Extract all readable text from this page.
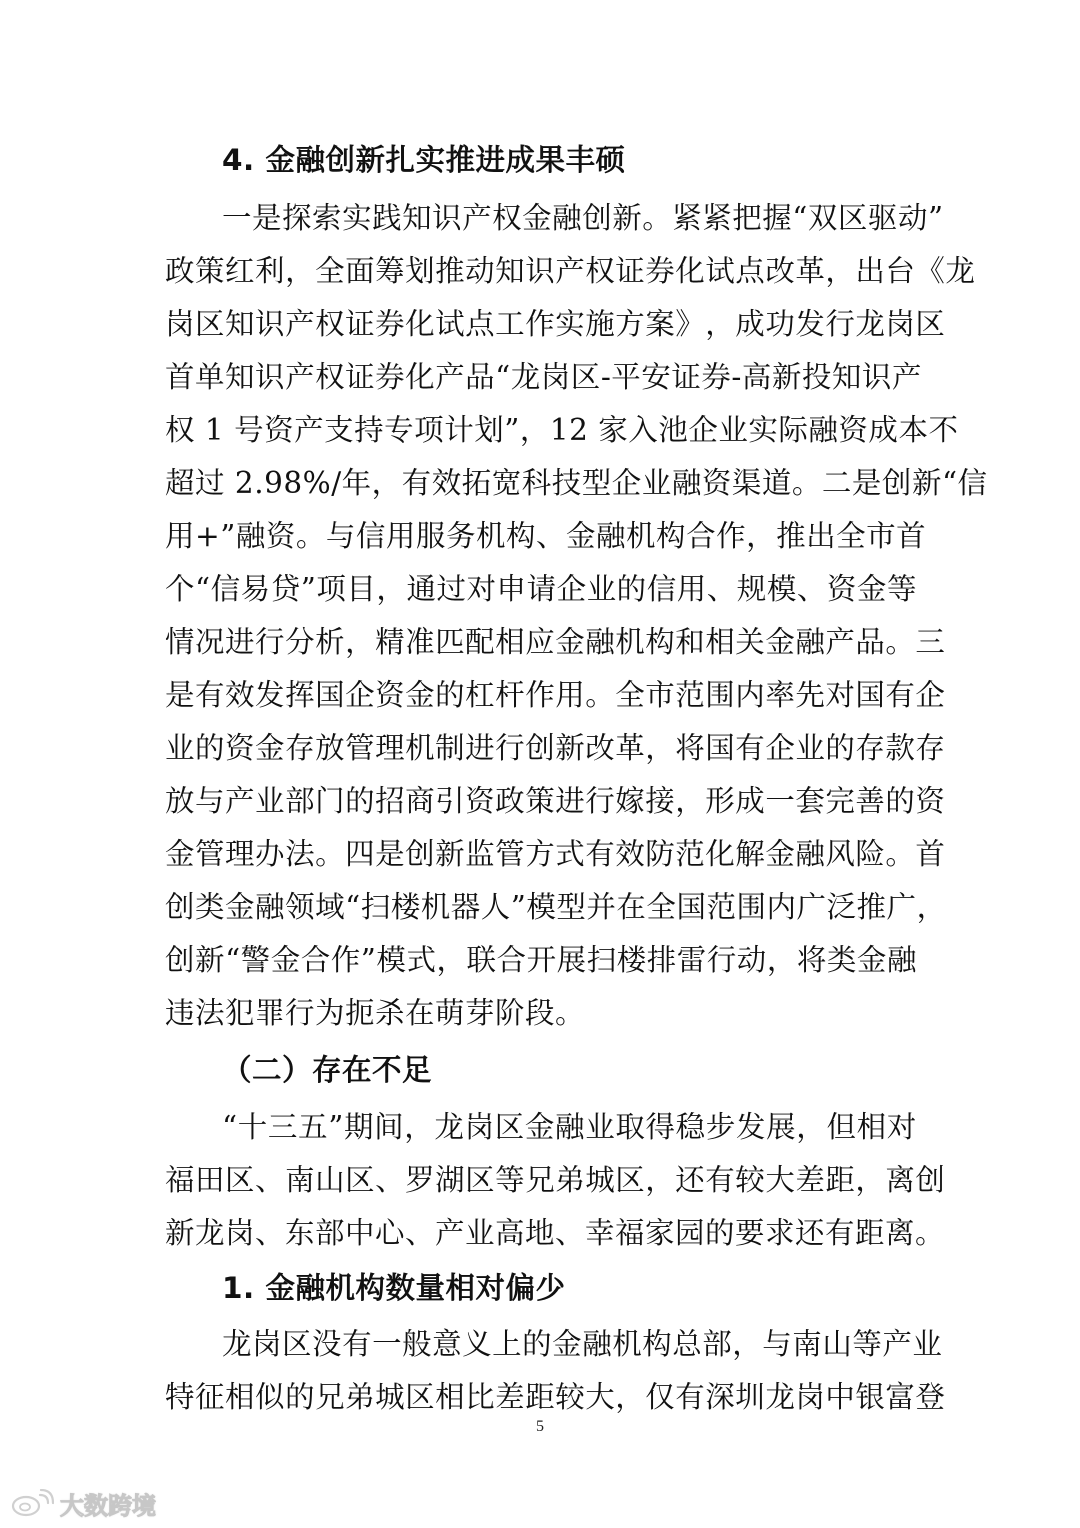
4. 金融创新扎实推进成果丰硕
一 是 探 索 实 践 知 识 产 权 金 融 创 新 。 紧 紧 把 握 “ 双 区 驱 动 ”
政 策 红 利 ， 全 面 筹 划 推 动 知 识 产 权 证 券 化 试 点 改 革 ， 出 台 《 龙
岗 区 知 识 产 权 证 券 化 试 点 工 作 实 施 方 案 》 ， 成 功 发 行 龙 岗 区
首 单 知 识 产 权 证 券 化 产 品 “ 龙 岗 区 - 平 安 证 券 - 高 新 投 知 识 产
权
1
号 资 产 支 持 专 项 计 划 ” ， 1 2
家 入 池 企 业 实 际 融 资 成 本 不
超 过
2 . 9 8 % / 年 ， 有 效 拓 宽 科 技 型 企 业 融 资 渠 道 。 二 是 创 新 “ 信
用 + ” 融 资 。 与 信 用 服 务 机 构 、 金 融 机 构 合 作 ， 推 出 全 市 首
个 “ 信 易 贷 ” 项 目 ， 通 过 对 申 请 企 业 的 信 用 、 规 模 、 资 金 等
情 况 进 行 分 析 ， 精 准 匹 配 相 应 金 融 机 构 和 相 关 金 融 产 品 。 三
是 有 效 发 挥 国 企 资 金 的 杠 杆 作 用 。 全 市 范 围 内 率 先 对 国 有 企
业 的 资 金 存 放 管 理 机 制 进 行 创 新 改 革 ， 将 国 有 企 业 的 存 款 存
放 与 产 业 部 门 的 招 商 引 资 政 策 进 行 嫁 接 ， 形 成 一 套 完 善 的 资
金 管 理 办 法 。 四 是 创 新 监 管 方 式 有 效 防 范 化 解 金 融 风 险 。 首
创 类 金 融 领 域 “ 扫 楼 机 器 人 ” 模 型 并 在 全 国 范 围 内 广 泛 推 广 ，
创 新 “ 警 金 合 作 ” 模 式 ， 联 合 开 展 扫 楼 排 雷 行 动 ， 将 类 金 融
违法犯罪行为扼杀在萌芽阶段。
（二）存在不足
“ 十 三 五 ” 期 间 ， 龙 岗 区 金 融 业 取 得 稳 步 发 展 ， 但 相 对
福 田 区 、 南 山 区 、 罗 湖 区 等 兄 弟 城 区 ， 还 有 较 大 差 距 ， 离 创
新龙岗、东部中心、产业高地、幸福家园的要求还有距离。
1. 金融机构数量相对偏少
龙 岗 区 没 有 一 般 意 义 上 的 金 融 机 构 总 部 ， 与 南 山 等 产 业
特 征 相 似 的 兄 弟 城 区 相 比 差 距 较 大 ， 仅 有 深 圳 龙 岗 中 银 富 登
5
大数跨境
